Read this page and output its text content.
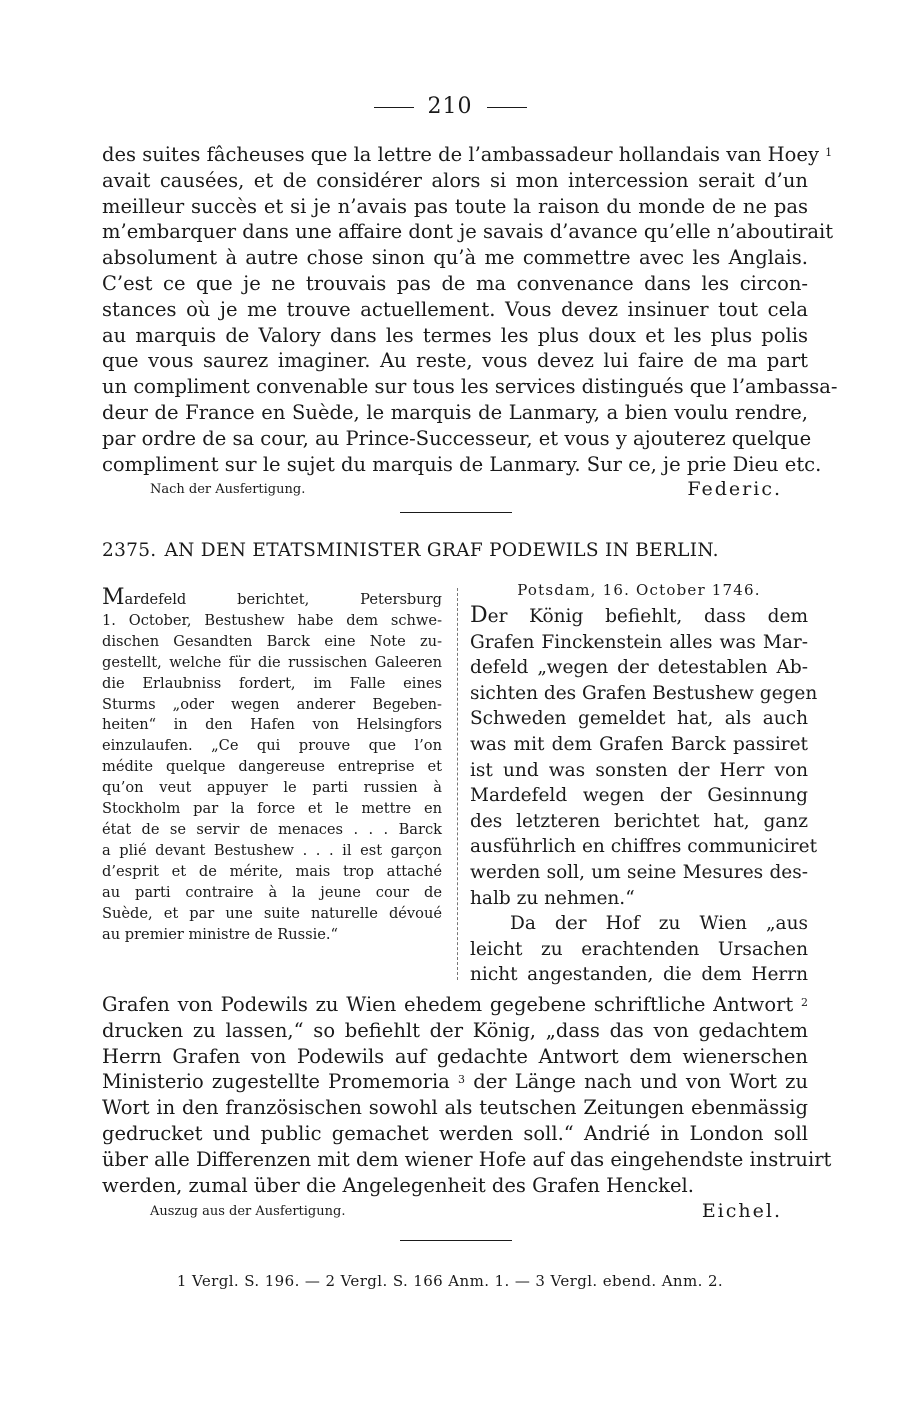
210
des suites fâcheuses que la lettre de l’ambassadeur hollandais van Hoey $^1$
avait causées, et de considérer alors si mon intercession serait d’un
meilleur succès et si je n’avais pas toute la raison du monde de ne pas
m’embarquer dans une affaire dont je savais d’avance qu’elle n’aboutirait
absolument à autre chose sinon qu’à me commettre avec les Anglais.
C’est ce que je ne trouvais pas de ma convenance dans les circon-
stances où je me trouve actuellement. Vous devez insinuer tout cela
au marquis de Valory dans les termes les plus doux et les plus polis
que vous saurez imaginer. Au reste, vous devez lui faire de ma part
un compliment convenable sur tous les services distingués que l’ambassa-
deur de France en Suède, le marquis de Lanmary, a bien voulu rendre,
par ordre de sa cour, au Prince-Successeur, et vous y ajouterez quelque
compliment sur le sujet du marquis de Lanmary. Sur ce, je prie Dieu etc.
Nach der Ausfertigung.	Federic.
2375. AN DEN ETATSMINISTER GRAF PODEWILS IN BERLIN.
Mardefeld berichtet, Petersburg
1. October, Bestushew habe dem schwe-
dischen Gesandten Barck eine Note zu-
gestellt, welche für die russischen Galeeren
die Erlaubniss fordert, im Falle eines
Sturms „oder wegen anderer Begeben-
heiten“ in den Hafen von Helsingfors
einzulaufen. „Ce qui prouve que l’on
médite quelque dangereuse entreprise et
qu’on veut appuyer le parti russien à
Stockholm par la force et le mettre en
état de se servir de menaces . . . Barck
a plié devant Bestushew . . . il est garçon
d’esprit et de mérite, mais trop attaché
au parti contraire à la jeune cour de
Suède, et par une suite naturelle dévoué
au premier ministre de Russie.“
Potsdam, 16. October 1746.
Der König befiehlt, dass dem
Grafen Finckenstein alles was Mar-
defeld „wegen der detestablen Ab-
sichten des Grafen Bestushew gegen
Schweden gemeldet hat, als auch
was mit dem Grafen Barck passiret
ist und was sonsten der Herr von
Mardefeld wegen der Gesinnung
des letzteren berichtet hat, ganz
ausführlich en chiffres communiciret
werden soll, um seine Mesures des-
halb zu nehmen.“
Da der Hof zu Wien „aus
leicht zu erachtenden Ursachen
nicht angestanden, die dem Herrn
Grafen von Podewils zu Wien ehedem gegebene schriftliche Antwort $^2$
drucken zu lassen,“ so befiehlt der König, „dass das von gedachtem
Herrn Grafen von Podewils auf gedachte Antwort dem wienerschen
Ministerio zugestellte Promemoria $^3$ der Länge nach und von Wort zu
Wort in den französischen sowohl als teutschen Zeitungen ebenmässig
gedrucket und public gemachet werden soll.“ Andrié in London soll
über alle Differenzen mit dem wiener Hofe auf das eingehendste instruirt
werden, zumal über die Angelegenheit des Grafen Henckel.
Auszug aus der Ausfertigung.	Eichel.
1 Vergl. S. 196. — 2 Vergl. S. 166 Anm. 1. — 3 Vergl. ebend. Anm. 2.
